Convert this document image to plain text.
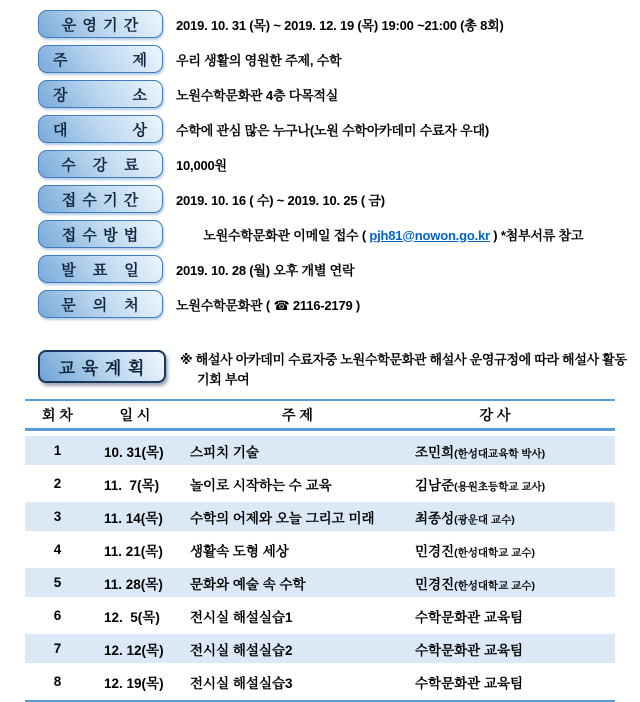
운 영 기 간	2019. 10. 31 (목) ~ 2019. 12. 19 (목) 19:00 ~21:00 (총 8회)
주　　　　제	우리 생활의 영원한 주제, 수학
장　　　　소	노원수학문화관 4층 다목적실
대　　　　상	수학에 관심 많은 누구나(노원 수학아카데미 수료자 우대)
수　강　료	10,000원
접 수 기 간	2019. 10. 16 ( 수) ~ 2019. 10. 25 ( 금)
접 수 방 법	노원수학문화관 이메일 접수 ( pjh81@nowon.go.kr ) *첨부서류 참고

발　표　일	2019. 10. 28 (월) 오후 개별 연락
문　의　처	노원수학문화관 ( ☎ 2116-2179 )
교 육 계 획	※ 해설사 아카데미 수료자중 노원수학문화관 해설사 운영규정에 따라 해설사 활동 기회 부여
회 차	일 시	주 제	강 사
1	10. 31(목)	스피치 기술	조민희(한성대교육학 박사)
2	11.  7(목)	놀이로 시작하는 수 교육	김남준(용원초등학교 교사)
3	11. 14(목)	수학의 어제와 오늘 그리고 미래	최종성(광운대 교수)
4	11. 21(목)	생활속 도형 세상	민경진(한성대학교 교수)
5	11. 28(목)	문화와 예술 속 수학	민경진(한성대학교 교수)
6	12.  5(목)	전시실 해설실습1	수학문화관 교육팀
7	12. 12(목)	전시실 해설실습2	수학문화관 교육팀
8	12. 19(목)	전시실 해설실습3	수학문화관 교육팀
